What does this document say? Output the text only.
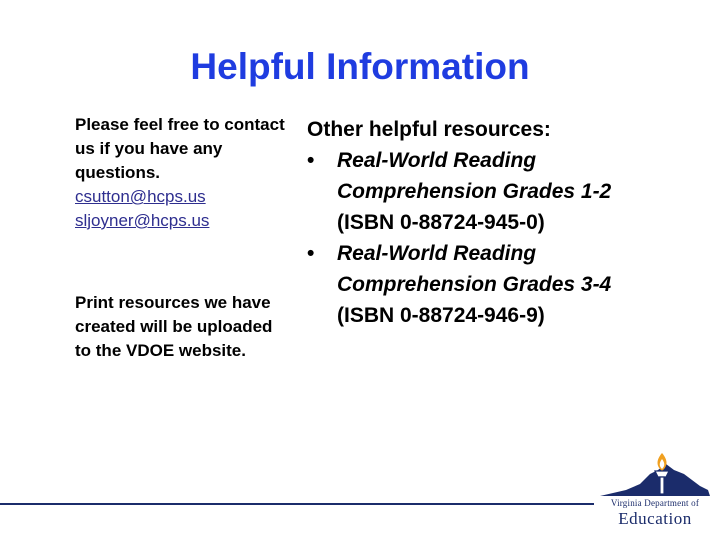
Helpful Information

Please feel free to contact us if you have any questions.

csutton@hcps.us
sljoyner@hcps.us

Print resources we have created will be uploaded to the VDOE website.

Other helpful resources:

• Real-World Reading Comprehension Grades 1-2
(ISBN 0-88724-945-0)
• Real-World Reading Comprehension Grades 3-4
(ISBN 0-88724-946-9)
Virginia Department of
Education
